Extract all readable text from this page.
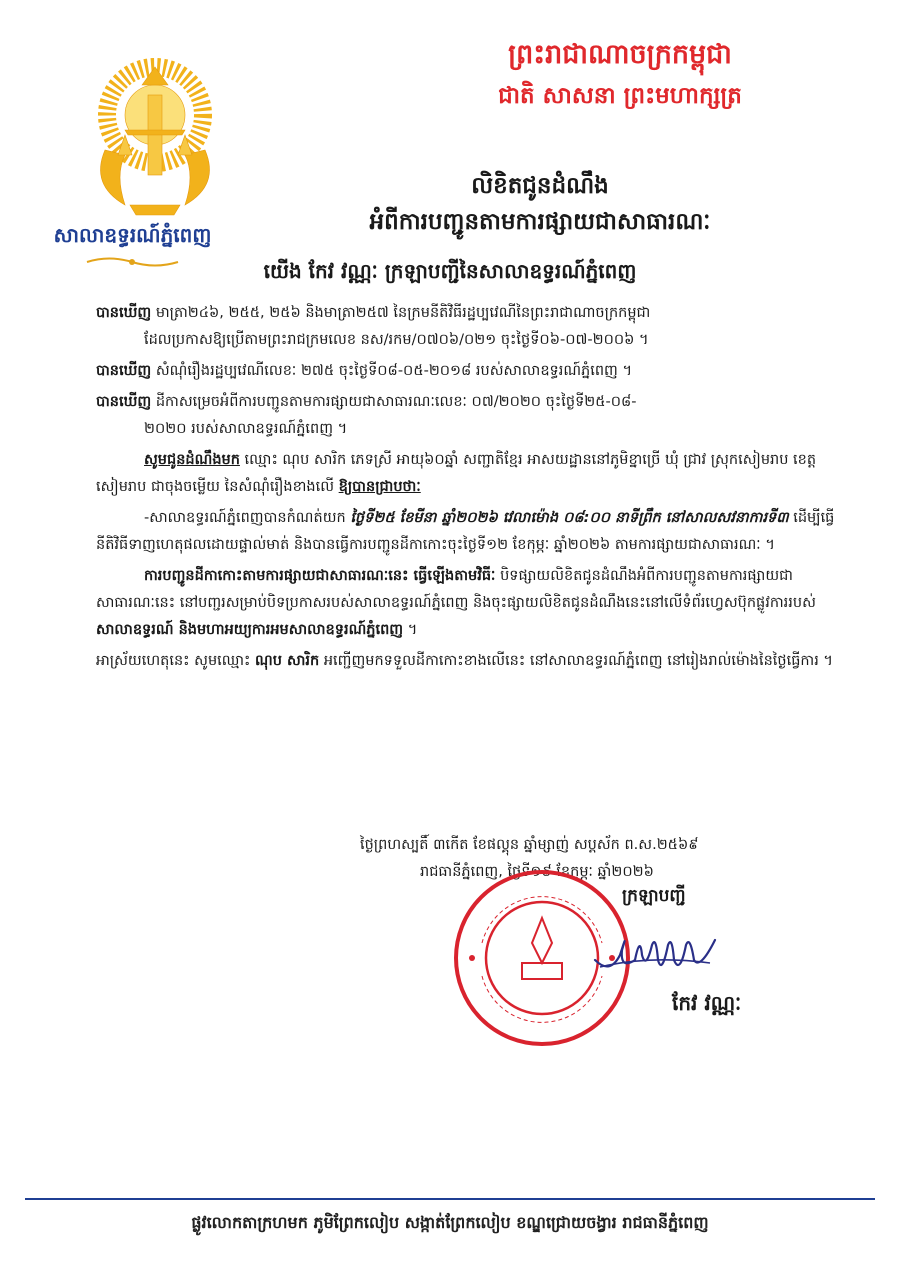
ព្រះរាជាណាចក្រកម្ពុជា
ជាតិ សាសនា ព្រះមហាក្សត្រ
សាលាឧទ្ធរណ៍ភ្នំពេញ
លិខិតជូនដំណឹង
អំពីការបញ្ជូនតាមការផ្សាយជាសាធារណៈ
យើង កែវ វណ្ណៈ ក្រឡាបញ្ជីនៃសាលាឧទ្ធរណ៍ភ្នំពេញ

បានឃើញ មាត្រា២៤៦, ២៥៥, ២៥៦ និងមាត្រា២៥៧ នៃក្រមនីតិវិធីរដ្ឋប្បវេណីនៃព្រះរាជាណាចក្រកម្ពុជា
ដែលប្រកាសឱ្យប្រើតាមព្រះរាជក្រមលេខ នស/រកម/០៧០៦/០២១ ចុះថ្ងៃទី០៦-០៧-២០០៦ ។

បានឃើញ សំណុំរឿងរដ្ឋប្បវេណីលេខៈ ២៧៥ ចុះថ្ងៃទី០៨-០៥-២០១៨ របស់សាលាឧទ្ធរណ៍ភ្នំពេញ ។

បានឃើញ ដីកាសម្រេចអំពីការបញ្ជូនតាមការផ្សាយជាសាធារណៈលេខៈ ០៧/២០២០ ចុះថ្ងៃទី២៥-០៨-
២០២០ របស់សាលាឧទ្ធរណ៍ភ្នំពេញ ។

សូមជូនដំណឹងមក ឈ្មោះ ណុប សារិក ភេទស្រី អាយុ៦០ឆ្នាំ សញ្ជាតិខ្មែរ អាសយដ្ឋាននៅភូមិខ្នាច្រើ ឃុំ ជ្រាវ ស្រុកសៀមរាប ខេត្តសៀមរាប ជាចុងចម្លើយ នៃសំណុំរឿងខាងលើ ឱ្យបានជ្រាបថាៈ

-សាលាឧទ្ធរណ៍ភ្នំពេញបានកំណត់យក ថ្ងៃទី២៥ ខែមីនា ឆ្នាំ២០២៦ វេលាម៉ោង ០៨:០០ នាទីព្រឹក នៅសាលសវនាការទី៣ ដើម្បីធ្វើនីតិវិធីទាញហេតុផលដោយផ្ទាល់មាត់ និងបានធ្វើការបញ្ជូនដីកាកោះចុះថ្ងៃទី១២ ខែកុម្ភៈ ឆ្នាំ២០២៦ តាមការផ្សាយជាសាធារណៈ ។

ការបញ្ជូនដីកាកោះតាមការផ្សាយជាសាធារណៈនេះ ធ្វើឡើងតាមវិធីៈ បិទផ្សាយលិខិតជូនដំណឹងអំពីការបញ្ជូនតាមការផ្សាយជាសាធារណៈនេះ នៅបញ្ជរសម្រាប់បិទប្រកាសរបស់សាលាឧទ្ធរណ៍ភ្នំពេញ និងចុះផ្សាយលិខិតជូនដំណឹងនេះនៅលើទំព័រហ្វេសប៊ុកផ្លូវការរបស់ សាលាឧទ្ធរណ៍ និងមហាអយ្យការអមសាលាឧទ្ធរណ៍ភ្នំពេញ ។

អាស្រ័យហេតុនេះ សូមឈ្មោះ ណុប សារិក អញ្ជើញមកទទួលដីកាកោះខាងលើនេះ នៅសាលាឧទ្ធរណ៍ភ្នំពេញ នៅរៀងរាល់ម៉ោងនៃថ្ងៃធ្វើការ ។

ថ្ងៃព្រហស្បតិ៍ ៣កើត ខែផល្គុន ឆ្នាំម្សាញ់ សប្តស័ក ព.ស.២៥៦៩
រាជធានីភ្នំពេញ, ថ្ងៃទី១៩ ខែកុម្ភៈ ឆ្នាំ២០២៦
ក្រឡាបញ្ជី
កែវ វណ្ណៈ
ផ្លូវលោកតាក្រហមក ភូមិព្រែកលៀប សង្កាត់ព្រែកលៀប ខណ្ឌជ្រោយចង្វារ រាជធានីភ្នំពេញ
